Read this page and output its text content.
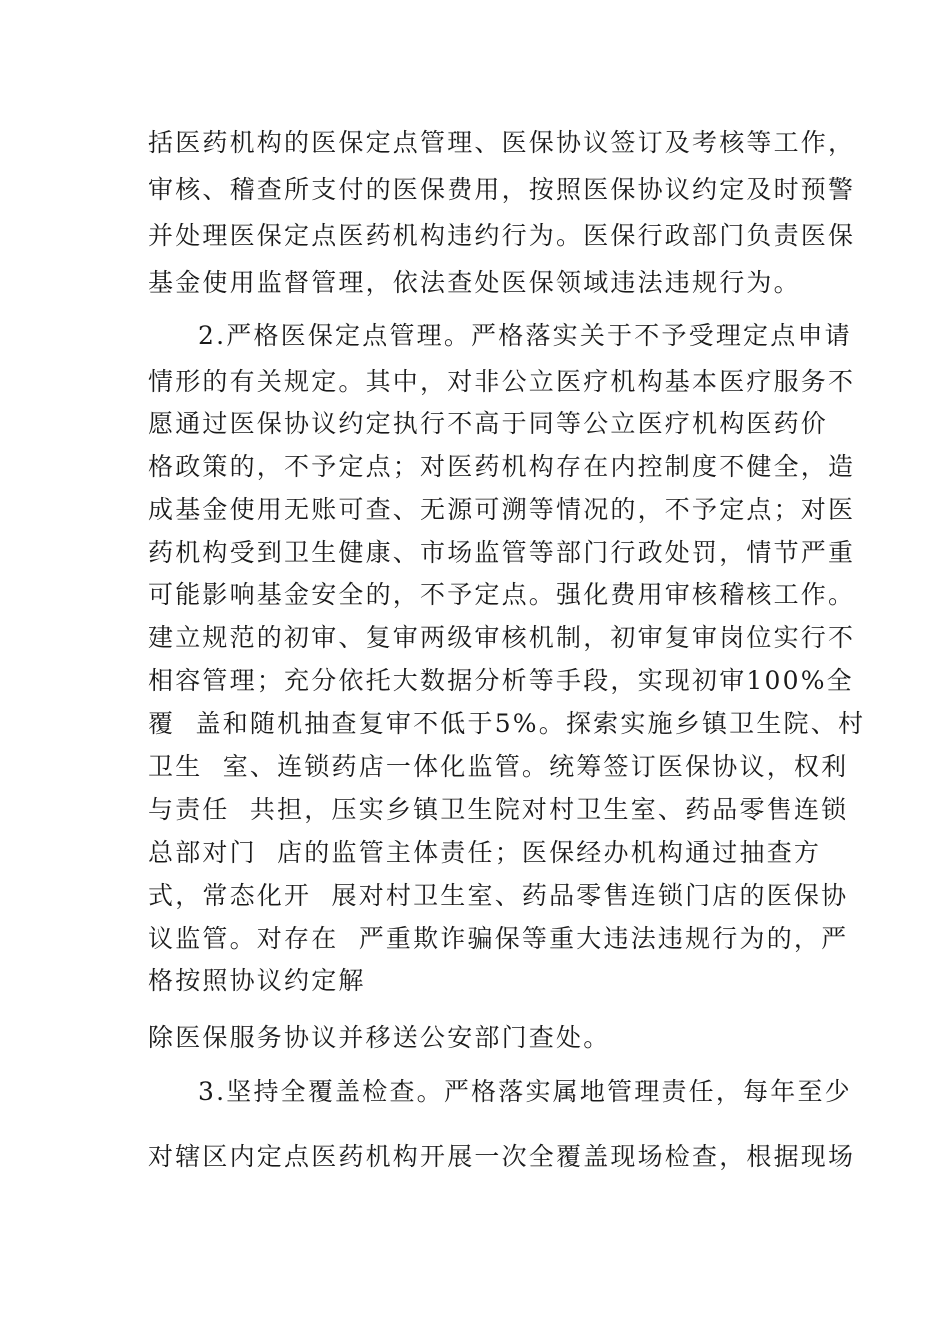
括医药机构的医保定点管理、医保协议签订及考核等工作，
审核、稽查所支付的医保费用，按照医保协议约定及时预警
并处理医保定点医药机构违约行为。医保行政部门负责医保
基金使用监督管理，依法查处医保领域违法违规行为。
2.严格医保定点管理。严格落实关于不予受理定点申请
情形的有关规定。其中，对非公立医疗机构基本医疗服务不
愿通过医保协议约定执行不高于同等公立医疗机构医药价
格政策的，不予定点；对医药机构存在内控制度不健全，造
成基金使用无账可查、无源可溯等情况的，不予定点；对医
药机构受到卫生健康、市场监管等部门行政处罚，情节严重
可能影响基金安全的，不予定点。强化费用审核稽核工作。
建立规范的初审、复审两级审核机制，初审复审岗位实行不
相容管理；充分依托大数据分析等手段，实现初审100%全
覆  盖和随机抽查复审不低于5%。探索实施乡镇卫生院、村
卫生  室、连锁药店一体化监管。统筹签订医保协议，权利
与责任  共担，压实乡镇卫生院对村卫生室、药品零售连锁
总部对门  店的监管主体责任；医保经办机构通过抽查方
式，常态化开  展对村卫生室、药品零售连锁门店的医保协
议监管。对存在  严重欺诈骗保等重大违法违规行为的，严
格按照协议约定解
除医保服务协议并移送公安部门查处。
3.坚持全覆盖检查。严格落实属地管理责任，每年至少
对辖区内定点医药机构开展一次全覆盖现场检查，根据现场
